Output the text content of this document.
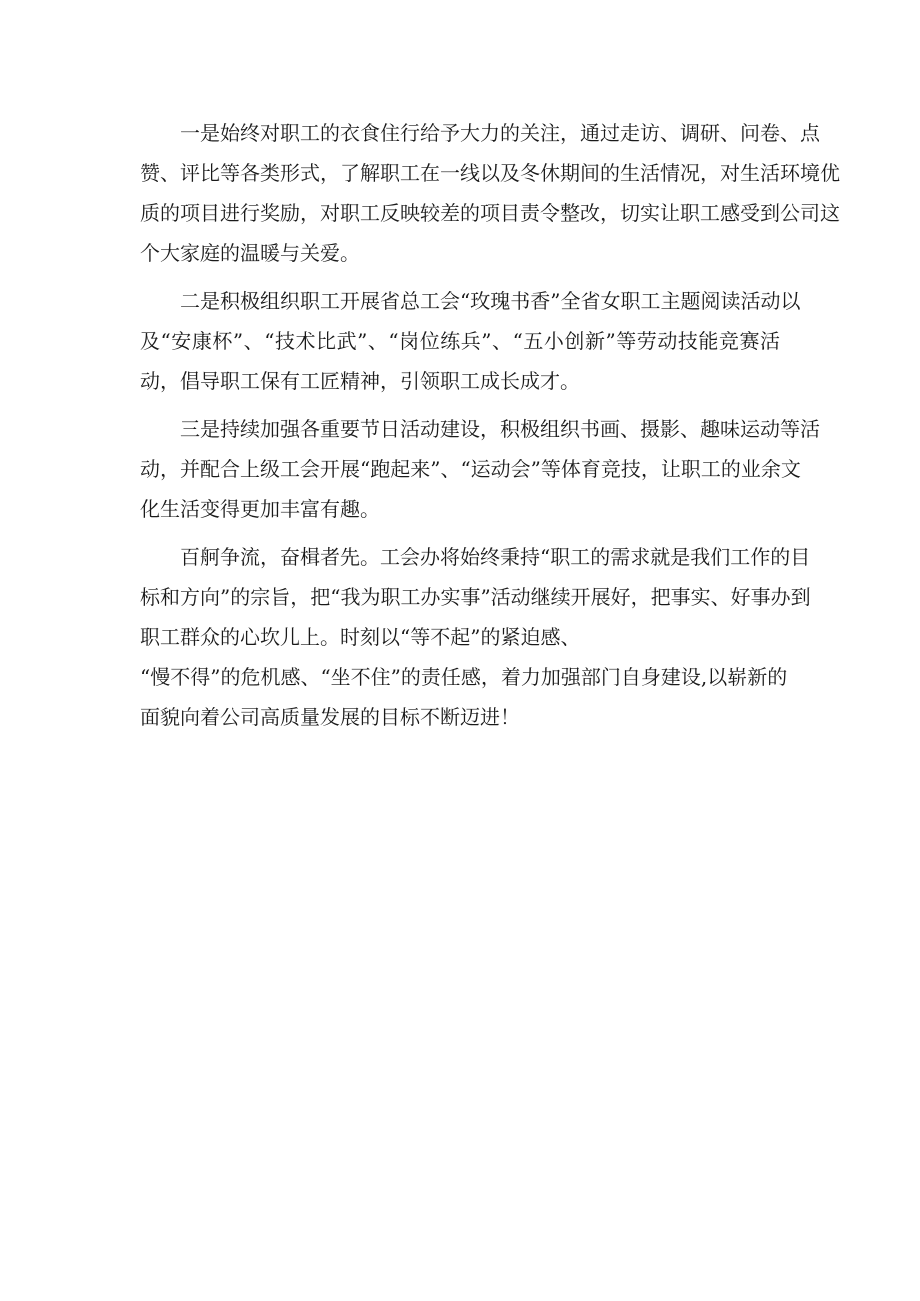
一是始终对职工的衣食住行给予大力的关注，通过走访、调研、问卷、点
赞、评比等各类形式，了解职工在一线以及冬休期间的生活情况，对生活环境优
质的项目进行奖励，对职工反映较差的项目责令整改，切实让职工感受到公司这
个大家庭的温暖与关爱。
二是积极组织职工开展省总工会“玫瑰书香”全省女职工主题阅读活动以
及“安康杯”、“技术比武”、“岗位练兵”、“五小创新”等劳动技能竞赛活
动，倡导职工保有工匠精神，引领职工成长成才。
三是持续加强各重要节日活动建设，积极组织书画、摄影、趣味运动等活
动，并配合上级工会开展“跑起来”、“运动会”等体育竞技，让职工的业余文
化生活变得更加丰富有趣。
百舸争流，奋楫者先。工会办将始终秉持“职工的需求就是我们工作的目
标和方向”的宗旨，把“我为职工办实事”活动继续开展好，把事实、好事办到
职工群众的心坎儿上。时刻以“等不起”的紧迫感、
“慢不得”的危机感、“坐不住”的责任感，着力加强部门自身建设,以崭新的
面貌向着公司高质量发展的目标不断迈进！
